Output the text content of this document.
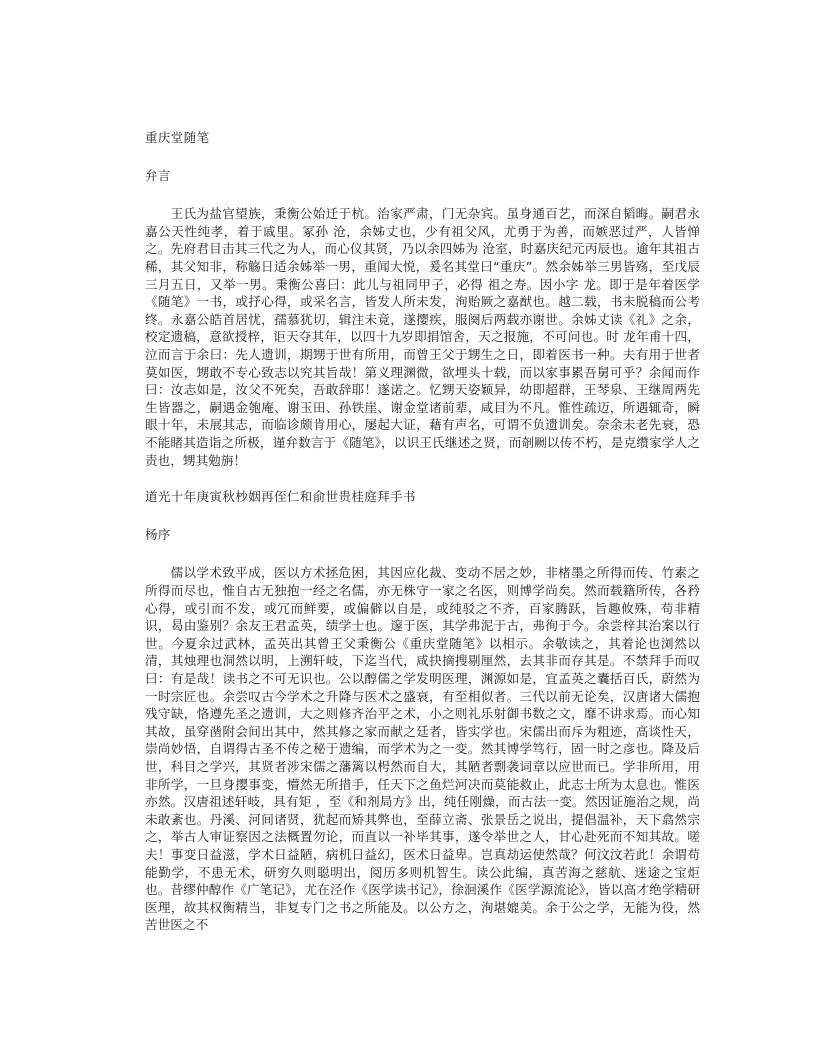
重庆堂随笔
弁言

王氏为盐官望族，秉衡公始迁于杭。治家严肃，门无杂宾。虽身通百艺，而深自韬晦。嗣君永嘉公天性纯孝，着于戚里。冢孙 沧，余姊丈也，少有祖父风，尤勇于为善，而嫉恶过严，人皆惮之。先府君目击其三代之为人，而心仪其贤，乃以余四姊为 沧室，时嘉庆纪元丙辰也。逾年其祖古稀，其父知非，称觞日适余姊举一男，重闻大悦，爰名其堂曰“重庆”。然余姊举三男皆殇，至戊辰三月五日，又举一男。秉衡公喜曰：此儿与祖同甲子，必得 祖之寿。因小字 龙。即于是年着医学《随笔》一书，或抒心得，或采名言，皆发人所未发，洵贻厥之嘉猷也。越二载，书未脱稿而公考终。永嘉公皓首居忧，孺慕犹切，辑注未竟，遂撄疾，服阕后两载亦谢世。余姊丈读《礼》之余，校定遗稿，意欲授梓，讵天夺其年，以四十九岁即捐馆舍，天之报施，不可问也。时 龙年甫十四，泣而言于余曰：先人遗训，期甥于世有所用，而曾王父于甥生之日，即着医书一种。夫有用于世者莫如医，甥敢不专心致志以究其旨哉！第义理渊微，欲埋头十载，而以家事累吾舅可乎？余闻而作曰：汝志如是，汝父不死矣，吾敢辞耶！遂诺之。忆甥天姿颖异，幼即超群，王琴泉、王继周两先生皆器之，嗣遇金匏庵、谢玉田、孙铁崖、谢金堂诸前辈，咸目为不凡。惟性疏迈，所遇辄奇，瞬眼十年，未展其志，而临诊颇肯用心，屡起大证，藉有声名，可谓不负遗训矣。奈余未老先衰，恐不能睹其造诣之所极，谨弁数言于《随笔》，以识王氏继述之贤，而剞劂以传不朽，是克缵家学人之责也，甥其勉旃！

道光十年庚寅秋杪姻再侄仁和俞世贵桂庭拜手书
杨序

儒以学术致平成，医以方术拯危困，其因应化裁、变动不居之妙，非楮墨之所得而传、竹素之所得而尽也，惟自古无独抱一经之名儒，亦无株守一家之名医，则博学尚矣。然而载籍所传，各矜心得，或引而不发，或冗而鲜要，或偏僻以自是，或纯驳之不齐，百家腾跃，旨趣攸殊，苟非精识，曷由鉴别？余友王君孟英，绩学士也。邃于医，其学弗泥于古，弗徇于今。余尝梓其治案以行世。今夏余过武林，孟英出其曾王父秉衡公《重庆堂随笔》以相示。余敬读之，其着论也浏然以清，其烛理也洞然以明，上溯轩岐，下迄当代，咸抉摘搜剔厘然，去其非而存其是。不禁拜手而叹曰：有是哉！读书之不可无识也。公以醇儒之学发明医理，渊源如是，宜孟英之囊括百氏，蔚然为一时宗匠也。余尝叹古今学术之升降与医术之盛衰，有至相似者。三代以前无论矣，汉唐诸大儒抱残守缺，恪遵先圣之遗训，大之则修齐治平之术，小之则礼乐射御书数之文，靡不讲求焉。而心知其故，虽穿凿附会间出其中，然其修之家而献之廷者，皆实学也。宋儒出而斥为粗迹，高谈性天，崇尚妙悟，自谓得古圣不传之秘于遗编，而学术为之一变。然其博学笃行，固一时之彦也。降及后世，科目之学兴，其贤者涉宋儒之藩篱以枵然而自大，其陋者剽袭词章以应世而已。学非所用，用非所学，一旦身撄事变，懵然无所措手，任天下之鱼烂河决而莫能救止，此志士所为太息也。惟医亦然。汉唐祖述轩岐，具有矩 ，至《和剂局方》出，纯任刚燥，而古法一变。然因证施治之规，尚未敢紊也。丹溪、河间诸贤，犹起而矫其弊也，至薛立斋、张景岳之说出，提倡温补，天下翕然宗之，举古人审证察因之法概置勿论，而直以一补毕其事，遂令举世之人，甘心赴死而不知其故。嗟夫！事变日益滋，学术日益陋，病机日益幻，医术日益卑。岂真劫运使然哉？何汶汶若此！余谓苟能勤学，不患无术，研穷久则聪明出，阅历多则机智生。读公此编，真苦海之慈航、迷途之宝炬也。昔缪仲醇作《广笔记》，尤在泾作《医学读书记》，徐洄溪作《医学源流论》，皆以高才绝学精研医理，故其权衡精当，非复专门之书之所能及。以公方之，洵堪媲美。余于公之学，无能为役，然苦世医之不
